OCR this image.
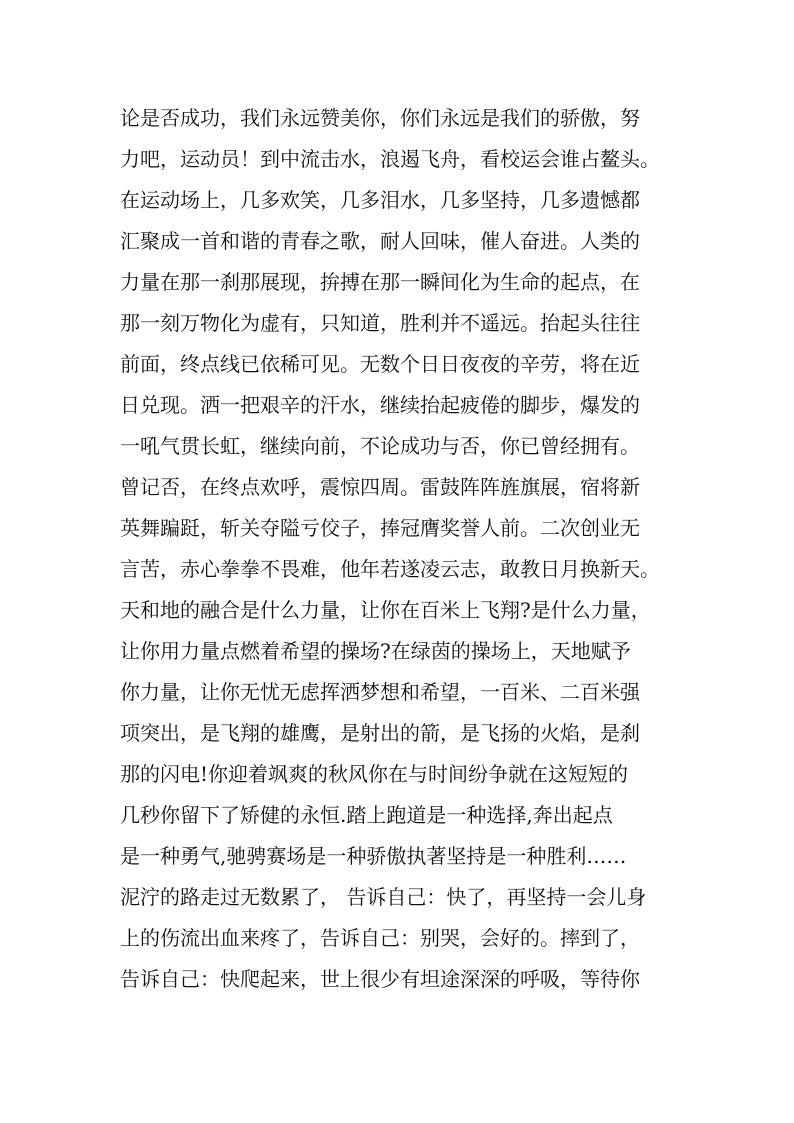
论是否成功，我们永远赞美你，你们永远是我们的骄傲，努
力吧，运动员！到中流击水，浪遏飞舟，看校运会谁占鳌头。
在运动场上，几多欢笑，几多泪水，几多坚持，几多遗憾都
汇聚成一首和谐的青春之歌，耐人回味，催人奋进。人类的
力量在那一刹那展现，拚搏在那一瞬间化为生命的起点，在
那一刻万物化为虚有，只知道，胜利并不遥远。抬起头往往
前面，终点线已依稀可见。无数个日日夜夜的辛劳，将在近
日兑现。洒一把艰辛的汗水，继续抬起疲倦的脚步，爆发的
一吼气贯长虹，继续向前，不论成功与否，你已曾经拥有。
曾记否，在终点欢呼，震惊四周。雷鼓阵阵旌旗展，宿将新
英舞蹁跹，斩关夺隘亏佼子，捧冠膺奖誉人前。二次创业无
言苦，赤心拳拳不畏难，他年若遂凌云志，敢教日月换新天。
天和地的融合是什么力量，让你在百米上飞翔?是什么力量，
让你用力量点燃着希望的操场?在绿茵的操场上，天地赋予
你力量，让你无忧无虑挥洒梦想和希望，一百米、二百米强
项突出，是飞翔的雄鹰，是射出的箭，是飞扬的火焰，是刹
那的闪电!你迎着飒爽的秋风你在与时间纷争就在这短短的
几秒你留下了矫健的永恒.踏上跑道是一种选择,奔出起点
是一种勇气,驰骋赛场是一种骄傲执著坚持是一种胜利……
泥泞的路走过无数累了， 告诉自己：快了，再坚持一会儿身
上的伤流出血来疼了，告诉自己：别哭，会好的。摔到了，
告诉自己：快爬起来，世上很少有坦途深深的呼吸，等待你
